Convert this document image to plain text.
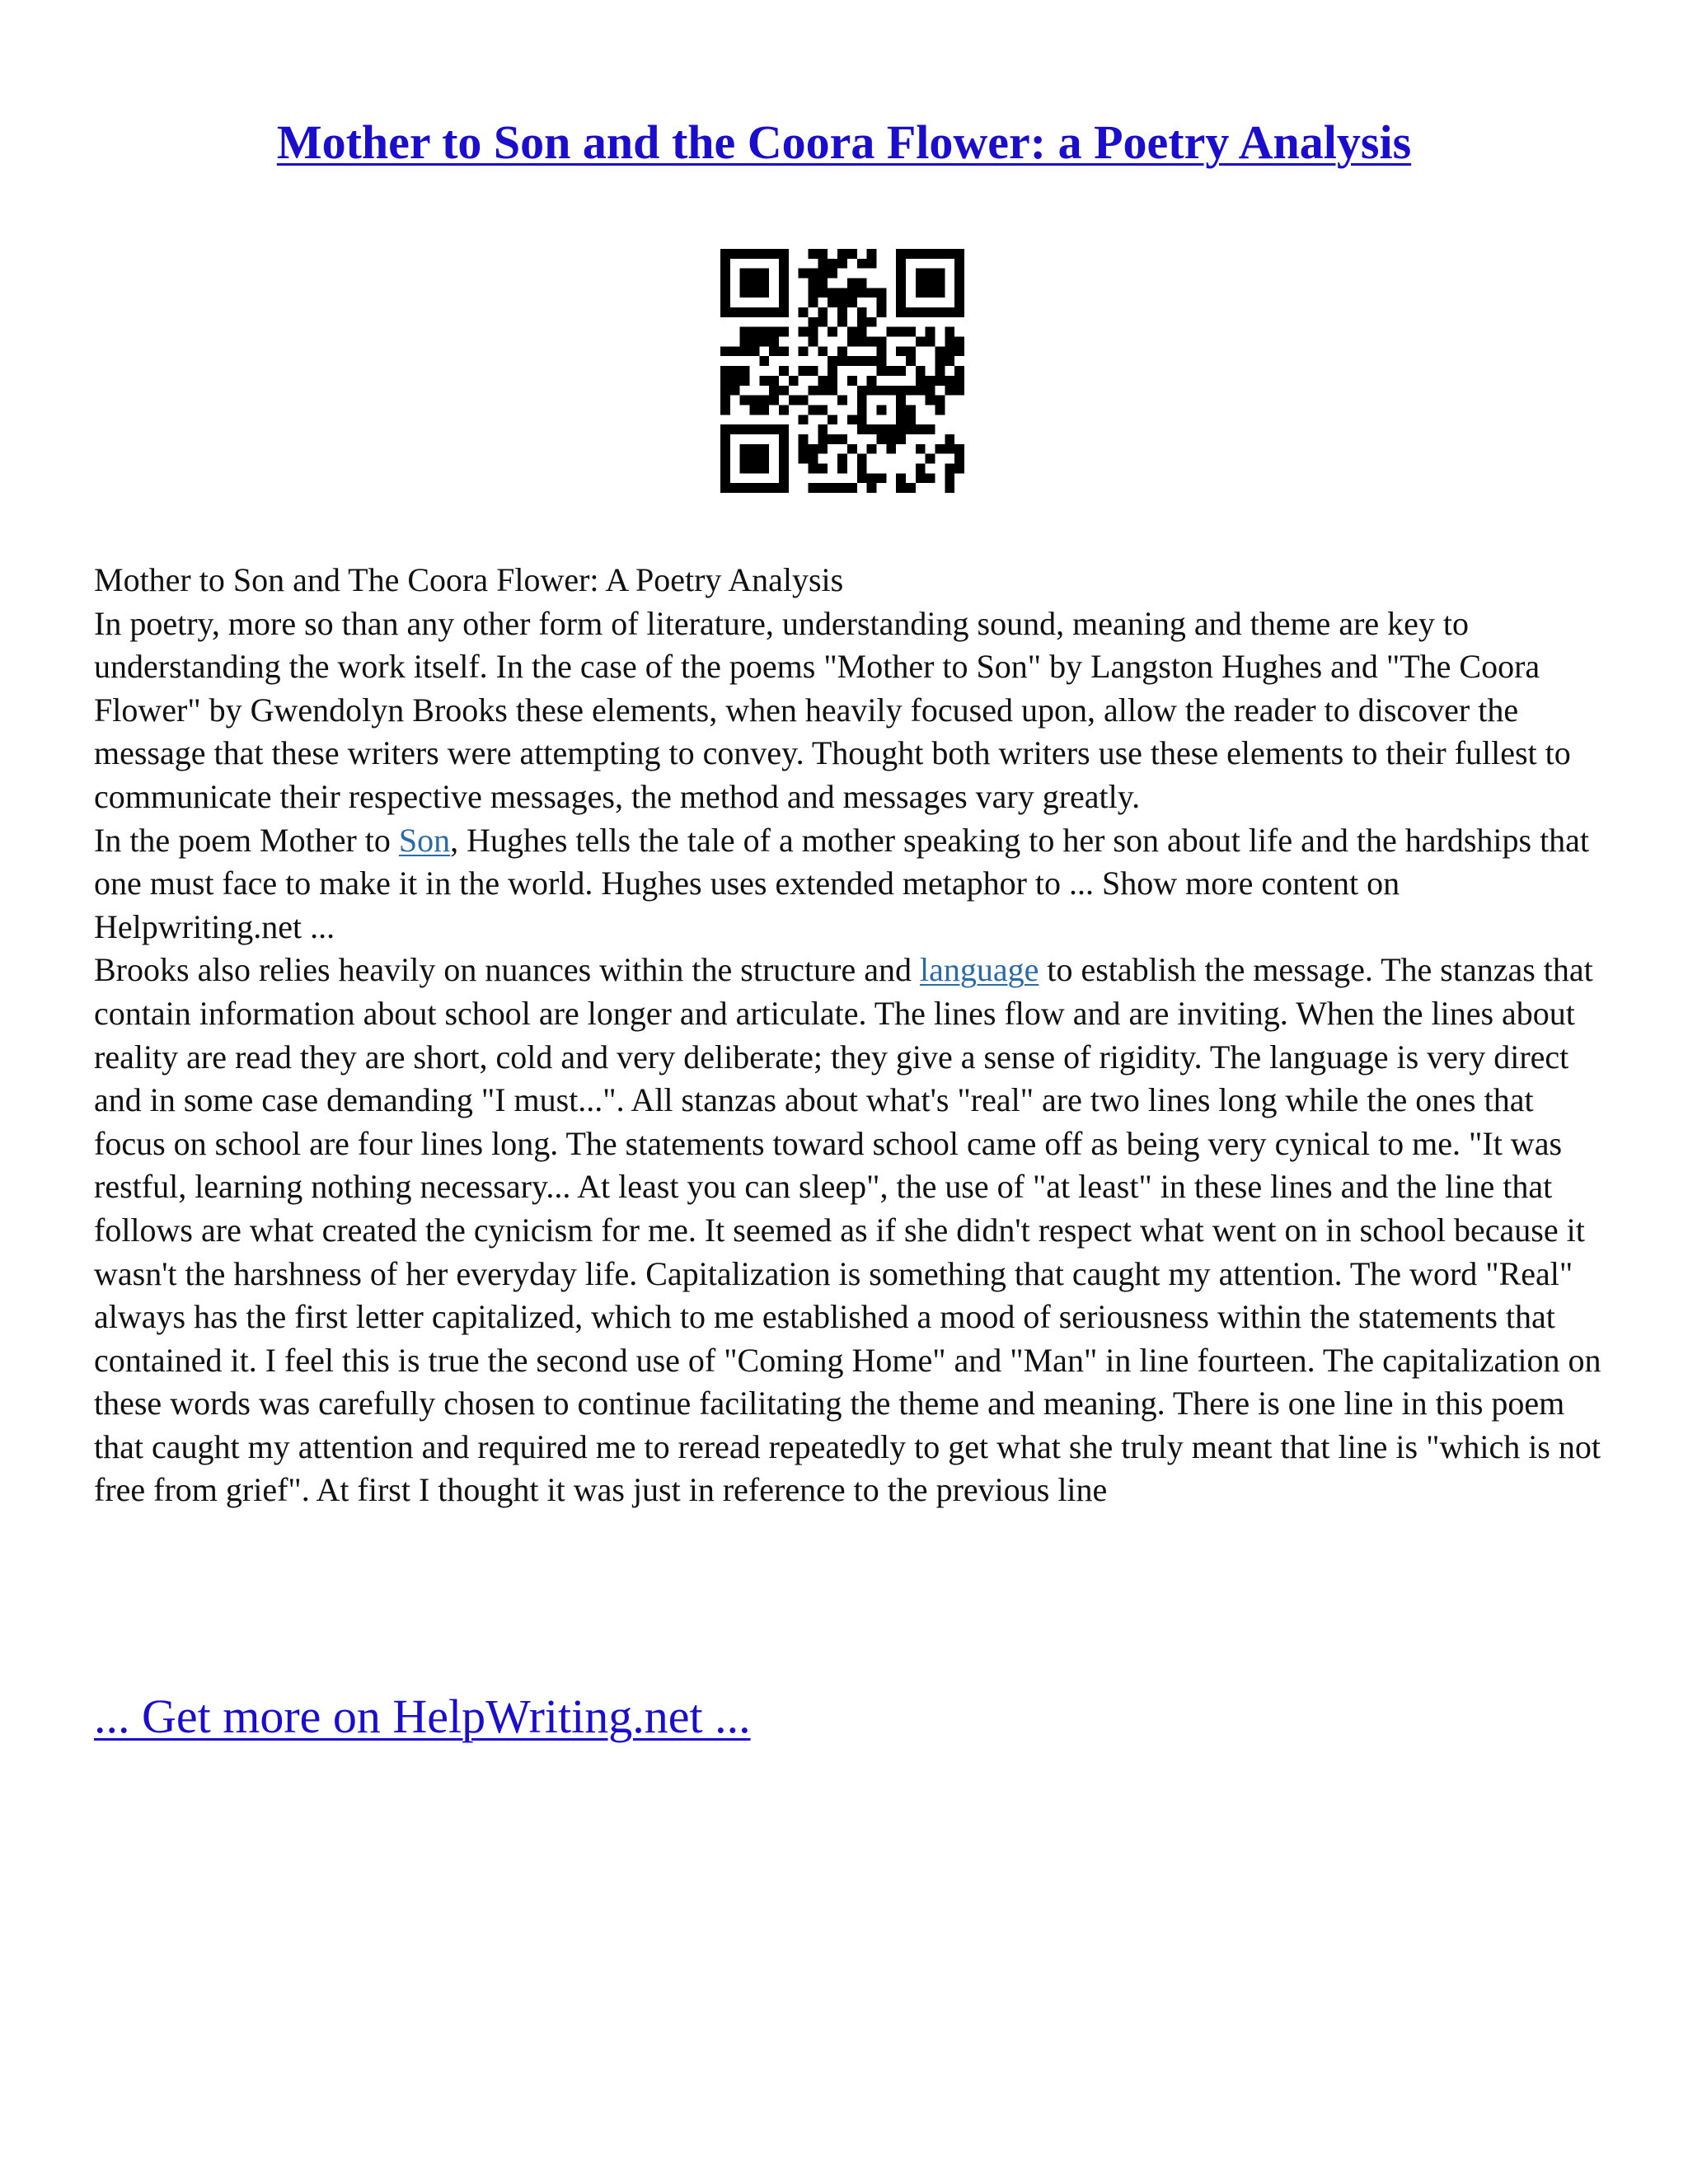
Mother to Son and the Coora Flower: a Poetry Analysis

Mother to Son and The Coora Flower: A Poetry Analysis

In poetry, more so than any other form of literature, understanding sound, meaning and theme are key to understanding the work itself. In the case of the poems "Mother to Son" by Langston Hughes and "The Coora Flower" by Gwendolyn Brooks these elements, when heavily focused upon, allow the reader to discover the message that these writers were attempting to convey. Thought both writers use these elements to their fullest to communicate their respective messages, the method and messages vary greatly.

In the poem Mother to Son, Hughes tells the tale of a mother speaking to her son about life and the hardships that one must face to make it in the world. Hughes uses extended metaphor to ... Show more content on Helpwriting.net ...

Brooks also relies heavily on nuances within the structure and language to establish the message. The stanzas that contain information about school are longer and articulate. The lines flow and are inviting. When the lines about reality are read they are short, cold and very deliberate; they give a sense of rigidity. The language is very direct and in some case demanding "I must...". All stanzas about what's "real" are two lines long while the ones that focus on school are four lines long. The statements toward school came off as being very cynical to me. "It was restful, learning nothing necessary... At least you can sleep", the use of "at least" in these lines and the line that follows are what created the cynicism for me. It seemed as if she didn't respect what went on in school because it wasn't the harshness of her everyday life. Capitalization is something that caught my attention. The word "Real" always has the first letter capitalized, which to me established a mood of seriousness within the statements that contained it. I feel this is true the second use of "Coming Home" and "Man" in line fourteen. The capitalization on these words was carefully chosen to continue facilitating the theme and meaning. There is one line in this poem that caught my attention and required me to reread repeatedly to get what she truly meant that line is "which is not free from grief". At first I thought it was just in reference to the previous line

... Get more on HelpWriting.net ...
